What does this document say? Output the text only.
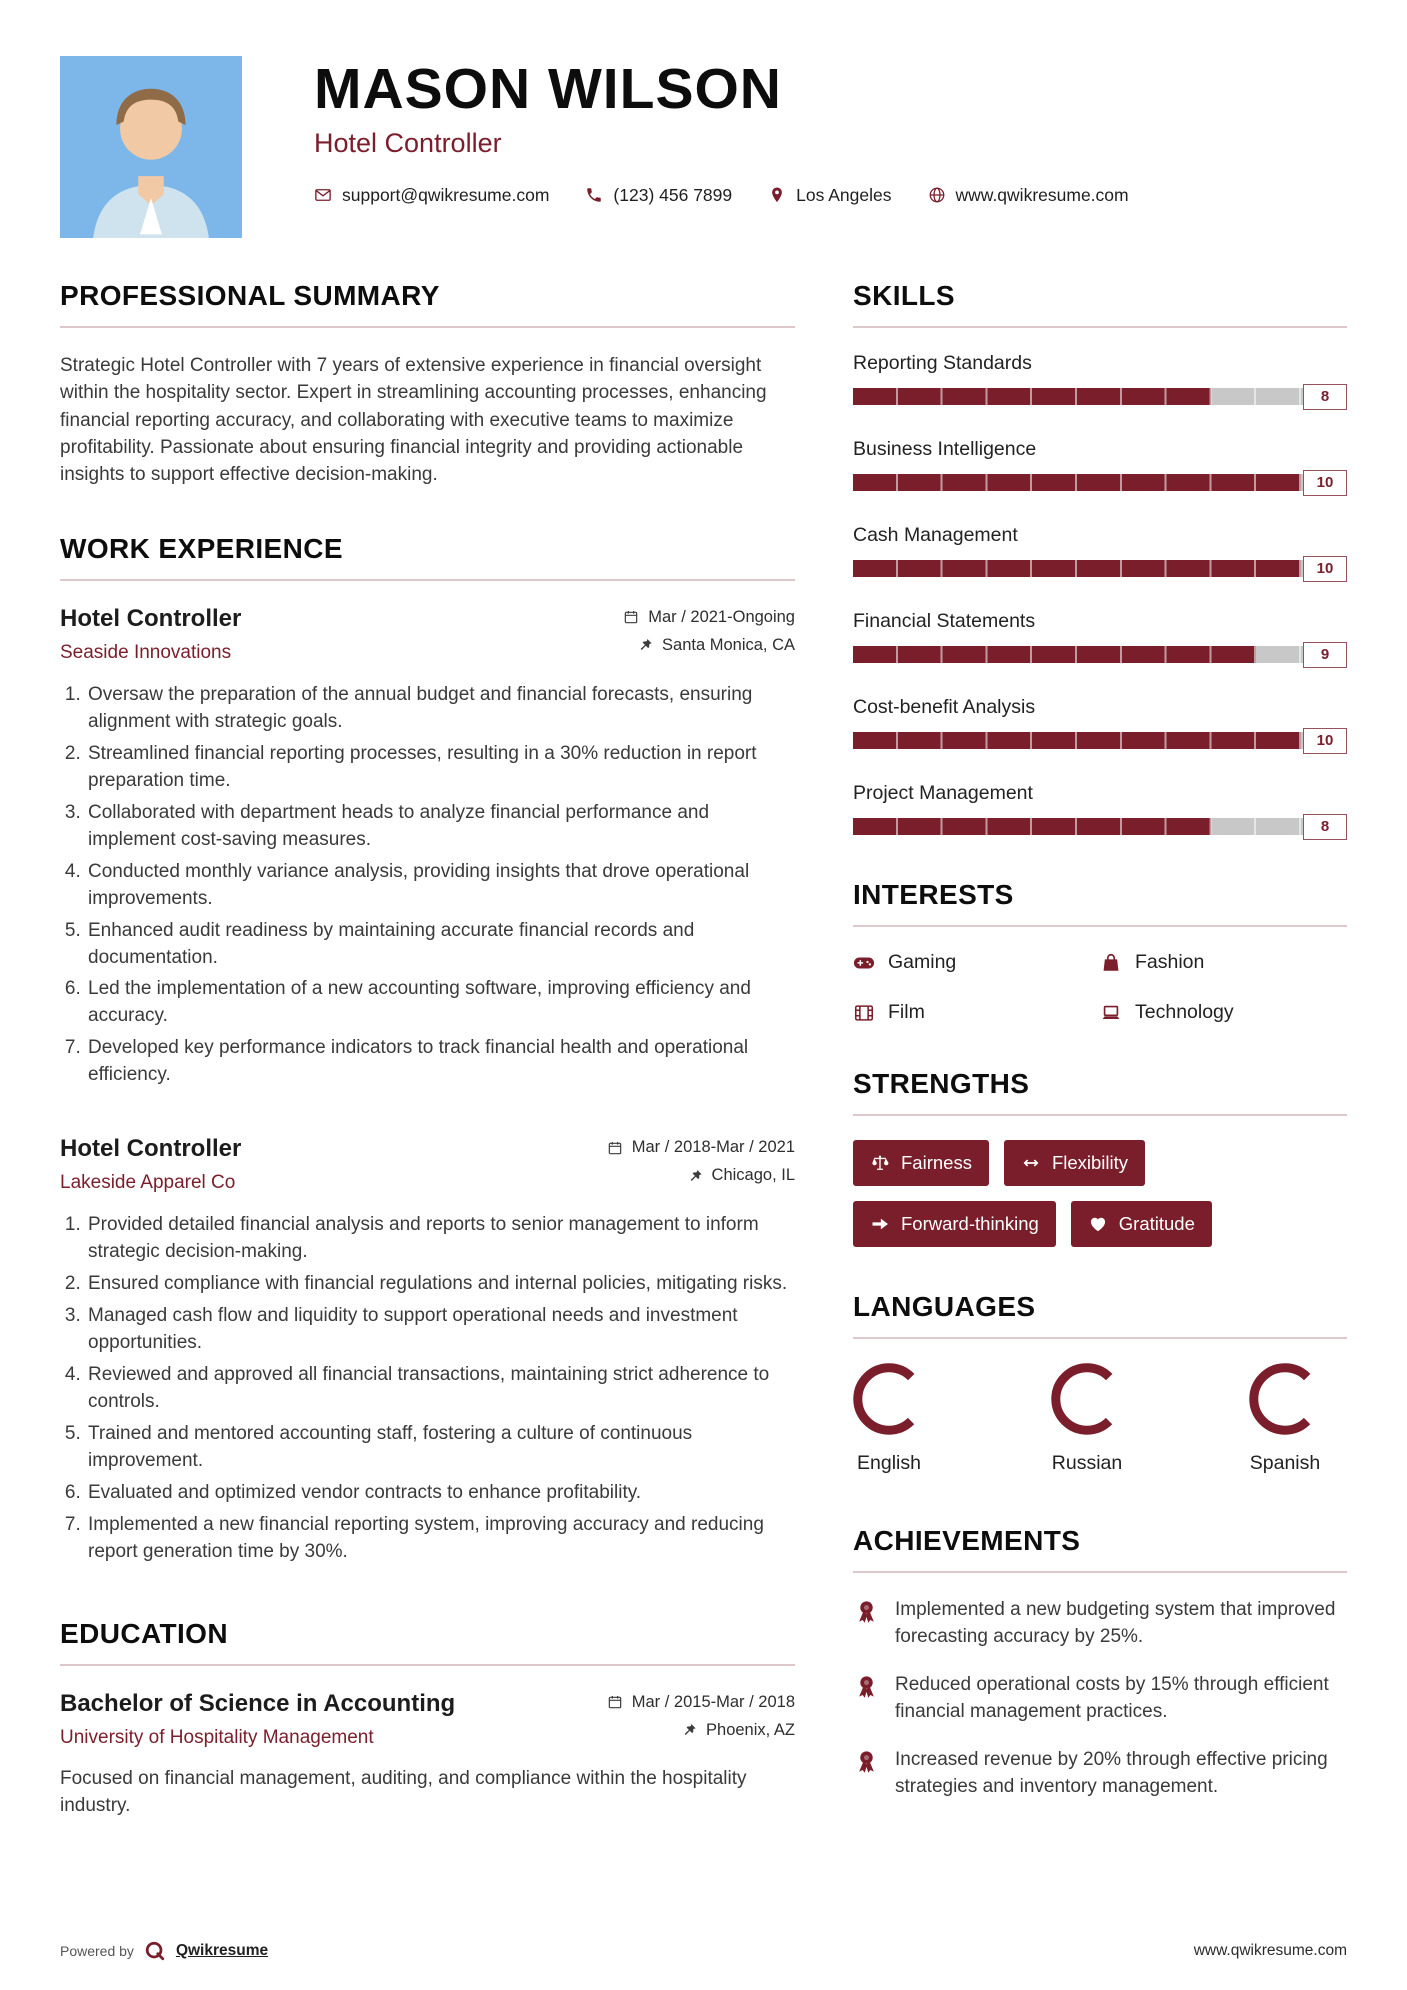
MASON WILSON
Hotel Controller
support@qwikresume.com	(123) 456 7899	Los Angeles	www.qwikresume.com
PROFESSIONAL SUMMARY

Strategic Hotel Controller with 7 years of extensive experience in financial oversight within the hospitality sector. Expert in streamlining accounting processes, enhancing financial reporting accuracy, and collaborating with executive teams to maximize profitability. Passionate about ensuring financial integrity and providing actionable insights to support effective decision-making.

WORK EXPERIENCE
Hotel Controller
Seaside Innovations
Mar / 2021-Ongoing
Santa Monica, CA
1. Oversaw the preparation of the annual budget and financial forecasts, ensuring alignment with strategic goals.
2. Streamlined financial reporting processes, resulting in a 30% reduction in report preparation time.
3. Collaborated with department heads to analyze financial performance and implement cost-saving measures.
4. Conducted monthly variance analysis, providing insights that drove operational improvements.
5. Enhanced audit readiness by maintaining accurate financial records and documentation.
6. Led the implementation of a new accounting software, improving efficiency and accuracy.
7. Developed key performance indicators to track financial health and operational efficiency.
Hotel Controller
Lakeside Apparel Co
Mar / 2018-Mar / 2021
Chicago, IL
1. Provided detailed financial analysis and reports to senior management to inform strategic decision-making.
2. Ensured compliance with financial regulations and internal policies, mitigating risks.
3. Managed cash flow and liquidity to support operational needs and investment opportunities.
4. Reviewed and approved all financial transactions, maintaining strict adherence to controls.
5. Trained and mentored accounting staff, fostering a culture of continuous improvement.
6. Evaluated and optimized vendor contracts to enhance profitability.
7. Implemented a new financial reporting system, improving accuracy and reducing report generation time by 30%.
EDUCATION
Bachelor of Science in Accounting
University of Hospitality Management
Mar / 2015-Mar / 2018
Phoenix, AZ

Focused on financial management, auditing, and compliance within the hospitality industry.

SKILLS
Reporting Standards
8
Business Intelligence
10
Cash Management
10
Financial Statements
9
Cost-benefit Analysis
10
Project Management
8
INTERESTS
Gaming	Fashion
Film	Technology
STRENGTHS
Fairness	Flexibility
Forward-thinking	Gratitude
LANGUAGES
English	Russian	Spanish
ACHIEVEMENTS

Implemented a new budgeting system that improved forecasting accuracy by 25%.

Reduced operational costs by 15% through efficient financial management practices.

Increased revenue by 20% through effective pricing strategies and inventory management.

Powered by	Qwikresume	www.qwikresume.com
